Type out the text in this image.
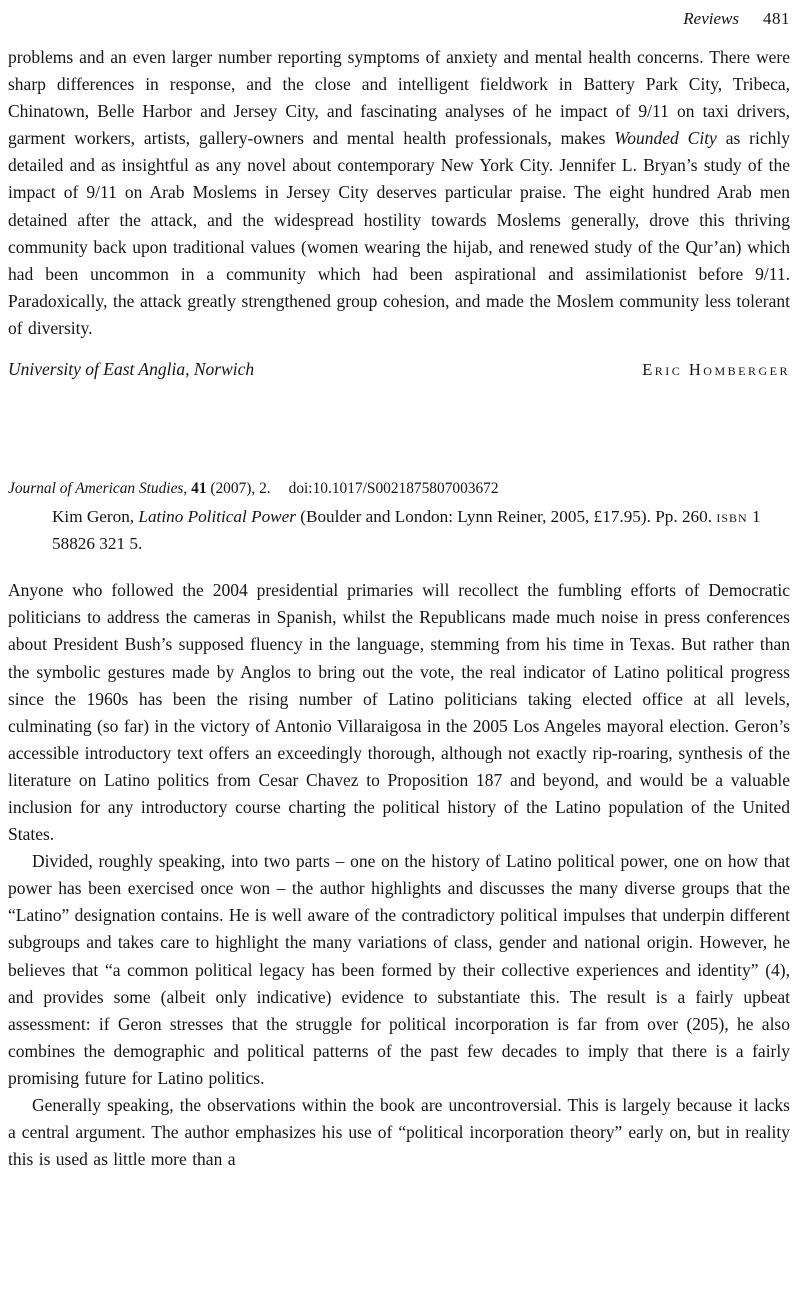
Reviews 481

problems and an even larger number reporting symptoms of anxiety and mental health concerns. There were sharp differences in response, and the close and intelligent fieldwork in Battery Park City, Tribeca, Chinatown, Belle Harbor and Jersey City, and fascinating analyses of he impact of 9/11 on taxi drivers, garment workers, artists, gallery-owners and mental health professionals, makes Wounded City as richly detailed and as insightful as any novel about contemporary New York City. Jennifer L. Bryan’s study of the impact of 9/11 on Arab Moslems in Jersey City deserves particular praise. The eight hundred Arab men detained after the attack, and the widespread hostility towards Moslems generally, drove this thriving community back upon traditional values (women wearing the hijab, and renewed study of the Qur’an) which had been uncommon in a community which had been aspirational and assimilationist before 9/11. Paradoxically, the attack greatly strengthened group cohesion, and made the Moslem community less tolerant of diversity.

University of East Anglia, Norwich	Eric Homberger

Journal of American Studies, 41 (2007), 2. doi:10.1017/S0021875807003672

Kim Geron, Latino Political Power (Boulder and London: Lynn Reiner, 2005, £17.95). Pp. 260. isbn 1 58826 321 5.

Anyone who followed the 2004 presidential primaries will recollect the fumbling efforts of Democratic politicians to address the cameras in Spanish, whilst the Republicans made much noise in press conferences about President Bush’s supposed fluency in the language, stemming from his time in Texas. But rather than the symbolic gestures made by Anglos to bring out the vote, the real indicator of Latino political progress since the 1960s has been the rising number of Latino politicians taking elected office at all levels, culminating (so far) in the victory of Antonio Villaraigosa in the 2005 Los Angeles mayoral election. Geron’s accessible introductory text offers an exceedingly thorough, although not exactly rip-roaring, synthesis of the literature on Latino politics from Cesar Chavez to Proposition 187 and beyond, and would be a valuable inclusion for any introductory course charting the political history of the Latino population of the United States.

Divided, roughly speaking, into two parts – one on the history of Latino political power, one on how that power has been exercised once won – the author highlights and discusses the many diverse groups that the “Latino” designation contains. He is well aware of the contradictory political impulses that underpin different subgroups and takes care to highlight the many variations of class, gender and national origin. However, he believes that “a common political legacy has been formed by their collective experiences and identity” (4), and provides some (albeit only indicative) evidence to substantiate this. The result is a fairly upbeat assessment: if Geron stresses that the struggle for political incorporation is far from over (205), he also combines the demographic and political patterns of the past few decades to imply that there is a fairly promising future for Latino politics.

Generally speaking, the observations within the book are uncontroversial. This is largely because it lacks a central argument. The author emphasizes his use of “political incorporation theory” early on, but in reality this is used as little more than a
